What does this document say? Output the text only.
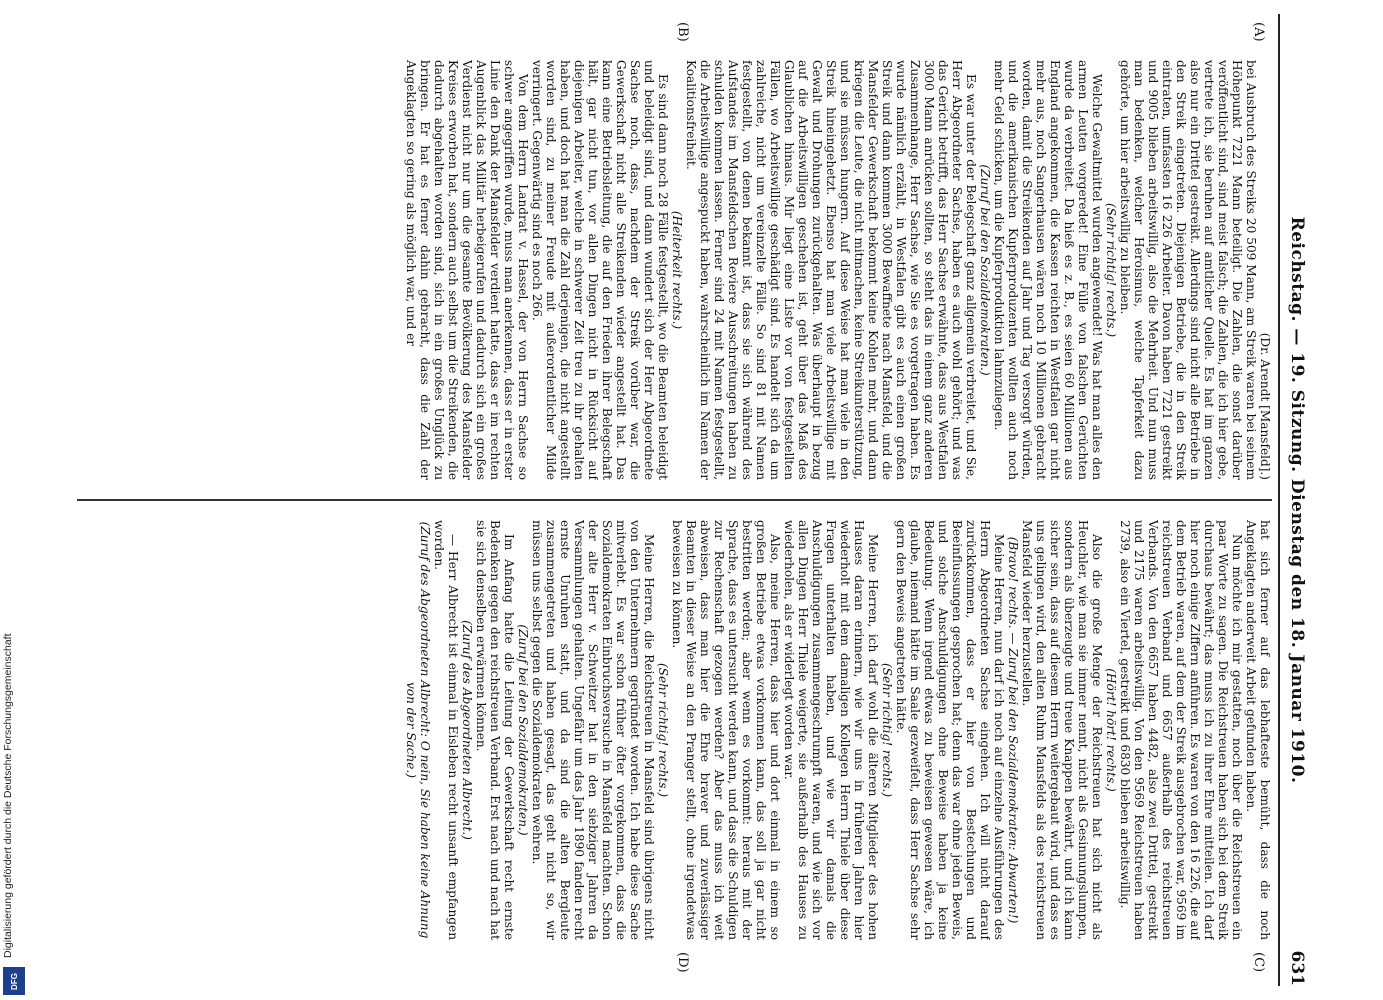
Reichstag. — 19. Sitzung. Dienstag den 18. Januar 1910.
631
(A)
(B)
(C)
(D)

(Dr. Arendt [Mansfeld].)

bei Ausbruch des Streiks 20 509 Mann, am Streik waren bei seinem Höhepunkt 7221 Mann beteiligt. Die Zahlen, die sonst darüber veröffentlicht sind, sind meist falsch; die Zahlen, die ich hier gebe, vertrete ich, sie beruhen auf amtlicher Quelle. Es hat im ganzen also nur ein Drittel gestreikt. Allerdings sind nicht alle Betriebe in den Streik eingetreten. Diejenigen Betriebe, die in den Streik eintraten, umfassten 16 226 Arbeiter. Davon haben 7221 gestreikt und 9005 blieben arbeitswillig, also die Mehrheit. Und nun muss man bedenken, welcher Heroismus, welche Tapferkeit dazu gehörte, um hier arbeitswillig zu bleiben.

(Sehr richtig! rechts.)

Welche Gewaltmittel wurden angewendet! Was hat man alles den armen Leuten vorgeredet! Eine Fülle von falschen Gerüchten wurde da verbreitet. Da hieß es z. B., es seien 60 Millionen aus England angekommen, die Kassen reichten in Westfalen gar nicht mehr aus, noch Sangerhausen wären noch 10 Millionen gebracht worden, damit die Streikenden auf Jahr und Tag versorgt würden, und die amerikanischen Kupferproduzenten wollten auch noch mehr Geld schicken, um die Kupferproduktion lahmzulegen.

(Zuruf bei den Sozialdemokraten.)

Es war unter der Belegschaft ganz allgemein verbreitet, und Sie, Herr Abgeordneter Sachse, haben es auch wohl gehört; und was das Gericht betrifft, das Herr Sachse erwähnte, dass aus Westfalen 3000 Mann anrücken sollten, so steht das in einem ganz anderen Zusammenhange, Herr Sachse, wie Sie es vorgetragen haben. Es wurde nämlich erzählt, in Westfalen gibt es auch einen großen Streik und dann kommen 3000 Bewaffnete nach Mansfeld, und die Mansfelder Gewerkschaft bekommt keine Kohlen mehr, und dann kriegen die Leute, die nicht mitmachen, keine Streikunterstützung, und sie müssen hungern. Auf diese Weise hat man viele in den Streik hineingehetzt. Ebenso hat man viele Arbeitswillige mit Gewalt und Drohungen zurückgehalten. Was überhaupt in bezug auf die Arbeitswilligen geschehen ist, geht über das Maß des Glaublichen hinaus. Mir liegt eine Liste vor von festgestellten Fällen, wo Arbeitswillige geschädigt sind. Es handelt sich da um zahlreiche, nicht um vereinzelte Fälle. So sind 81 mit Namen festgestellt, von denen bekannt ist, dass sie sich während des Aufstandes im Mansfeldschen Reviere Ausschreitungen haben zu schulden kommen lassen. Ferner sind 24 mit Namen festgestellt, die Arbeitswillige angespuckt haben, wahrscheinlich im Namen der Koalitionsfreiheit.

(Heiterkeit rechts.)

Es sind dann noch 28 Fälle festgestellt, wo die Beamten beleidigt und beleidigt sind, und dann wundert sich der Herr Abgeordnete Sachse noch, dass, nachdem der Streik vorüber war, die Gewerkschaft nicht alle Streikenden wieder angestellt hat. Das kann eine Betriebsleitung, die auf den Frieden ihrer Belegschaft hält, gar nicht tun, vor allen Dingen nicht in Rücksicht auf diejenigen Arbeiter, welche in schwerer Zeit treu zu ihr gehalten haben, und doch hat man die Zahl derjenigen, die nicht angestellt worden sind, zu meiner Freude mit außerordentlicher Milde verringert. Gegenwärtig sind es noch 266.

Von dem Herrn Landrat v. Hassel, der von Herrn Sachse so schwer angegriffen wurde, muss man anerkennen, dass er in erster Linie den Dank der Mansfelder verdient hatte, dass er im rechten Augenblick das Militär herbeigerufen und dadurch sich ein großes Verdienst nicht nur um die gesamte Bevölkerung des Mansfelder Kreises erworben hat, sondern auch selbst um die Streikenden, die dadurch abgehalten worden sind, sich in ein großes Unglück zu bringen. Er hat es ferner dahin gebracht, dass die Zahl der Angeklagten so gering als möglich war, und er

hat sich ferner auf das lebhafteste bemüht, dass die noch Angeklagten anderweit Arbeit gefunden haben.

Nun möchte ich mir gestatten, noch über die Reichstreuen ein paar Worte zu sagen. Die Reichstreuen haben sich bei dem Streik durchaus bewährt; das muss ich zu ihrer Ehre mitteilen. Ich darf hier noch einige Ziffern anführen. Es waren von den 16 226, die auf dem Betrieb waren, auf dem der Streik ausgebrochen war, 9569 im reichstreuen Verband und 6657 außerhalb des reichstreuen Verbands. Von den 6657 haben 4482, also zwei Drittel, gestreikt und 2175 waren arbeitswillig. Von den 9569 Reichstreuen haben 2739, also ein Viertel, gestreikt und 6830 blieben arbeitswillig.

(Hört! hört! rechts.)

Also die große Menge der Reichstreuen hat sich nicht als Heuchler, wie man sie immer nennt, nicht als Gesinnungslumpen, sondern als überzeugte und treue Knappen bewährt, und ich kann sicher sein, dass auf diesem Herrn weitergebaut wird, und dass es uns gelingen wird, den alten Ruhm Mansfelds als des reichstreuen Mansfeld wieder herzustellen.

(Bravo! rechts. — Zuruf bei den Sozialdemokraten: Abwarten!)

Meine Herren, nun darf ich noch auf einzelne Ausführungen des Herrn Abgeordneten Sachse eingehen. Ich will nicht darauf zurückkommen, dass er hier von Bestechungen und Beeinflussungen gesprochen hat; denn das war ohne jeden Beweis, und solche Anschuldigungen ohne Beweise haben ja keine Bedeutung. Wenn irgend etwas zu beweisen gewesen wäre, ich glaube, niemand hätte im Saale gezweifelt, dass Herr Sachse sehr gern den Beweis angetreten hätte.

(Sehr richtig! rechts.)

Meine Herren, ich darf wohl die älteren Mitglieder des hohen Hauses daran erinnern, wie wir uns in früheren Jahren hier wiederholt mit dem damaligen Kollegen Herrn Thiele über diese Fragen unterhalten haben, und wie wir damals die Anschuldigungen zusammengeschrumpft waren, und wie sich vor allen Dingen Herr Thiele weigerte, sie außerhalb des Hauses zu wiederholen, als er widerlegt worden war.

Also, meine Herren, dass hier und dort einmal in einem so großen Betriebe etwas vorkommen kann, das soll ja gar nicht bestritten werden; aber wenn es vorkommt: heraus mit der Sprache, dass es untersucht werden kann, und dass die Schuldigen zur Rechenschaft gezogen werden? Aber das muss ich weit abweisen, dass man hier die Ehre braver und zuverlässiger Beamten in dieser Weise an den Pranger stellt, ohne irgendetwas beweisen zu können.

(Sehr richtig! rechts.)

Meine Herren, die Reichstreuen in Mansfeld sind übrigens nicht von den Unternehmern gegründet worden. Ich habe diese Sache mitverlebt. Es war schon früher öfter vorgekommen, dass die Sozialdemokraten Einbruchsversuche in Mansfeld machten. Schon der alte Herr v. Schweitzer hat in den siebziger Jahren da Versammlungen gehalten. Ungefähr um das Jahr 1890 fanden recht ernste Unruhen statt, und da sind die alten Bergleute zusammengetreten und haben gesagt, das geht nicht so, wir müssen uns selbst gegen die Sozialdemokraten wehren.

(Zuruf bei den Sozialdemokraten.)

Im Anfang hatte die Leitung der Gewerkschaft recht ernste Bedenken gegen den reichstreuen Verband. Erst nach und nach hat sie sich denselben erwärmen können.

(Zuruf des Abgeordneten Albrecht.)

— Herr Albrecht ist einmal in Eisleben recht unsanft empfangen worden.

(Zuruf des Abgeordneten Albrecht: O nein, Sie haben keine Ahnung von der Sache.)

Digitalisierung gefördert durch die Deutsche Forschungsgemeinschaft
DFG
